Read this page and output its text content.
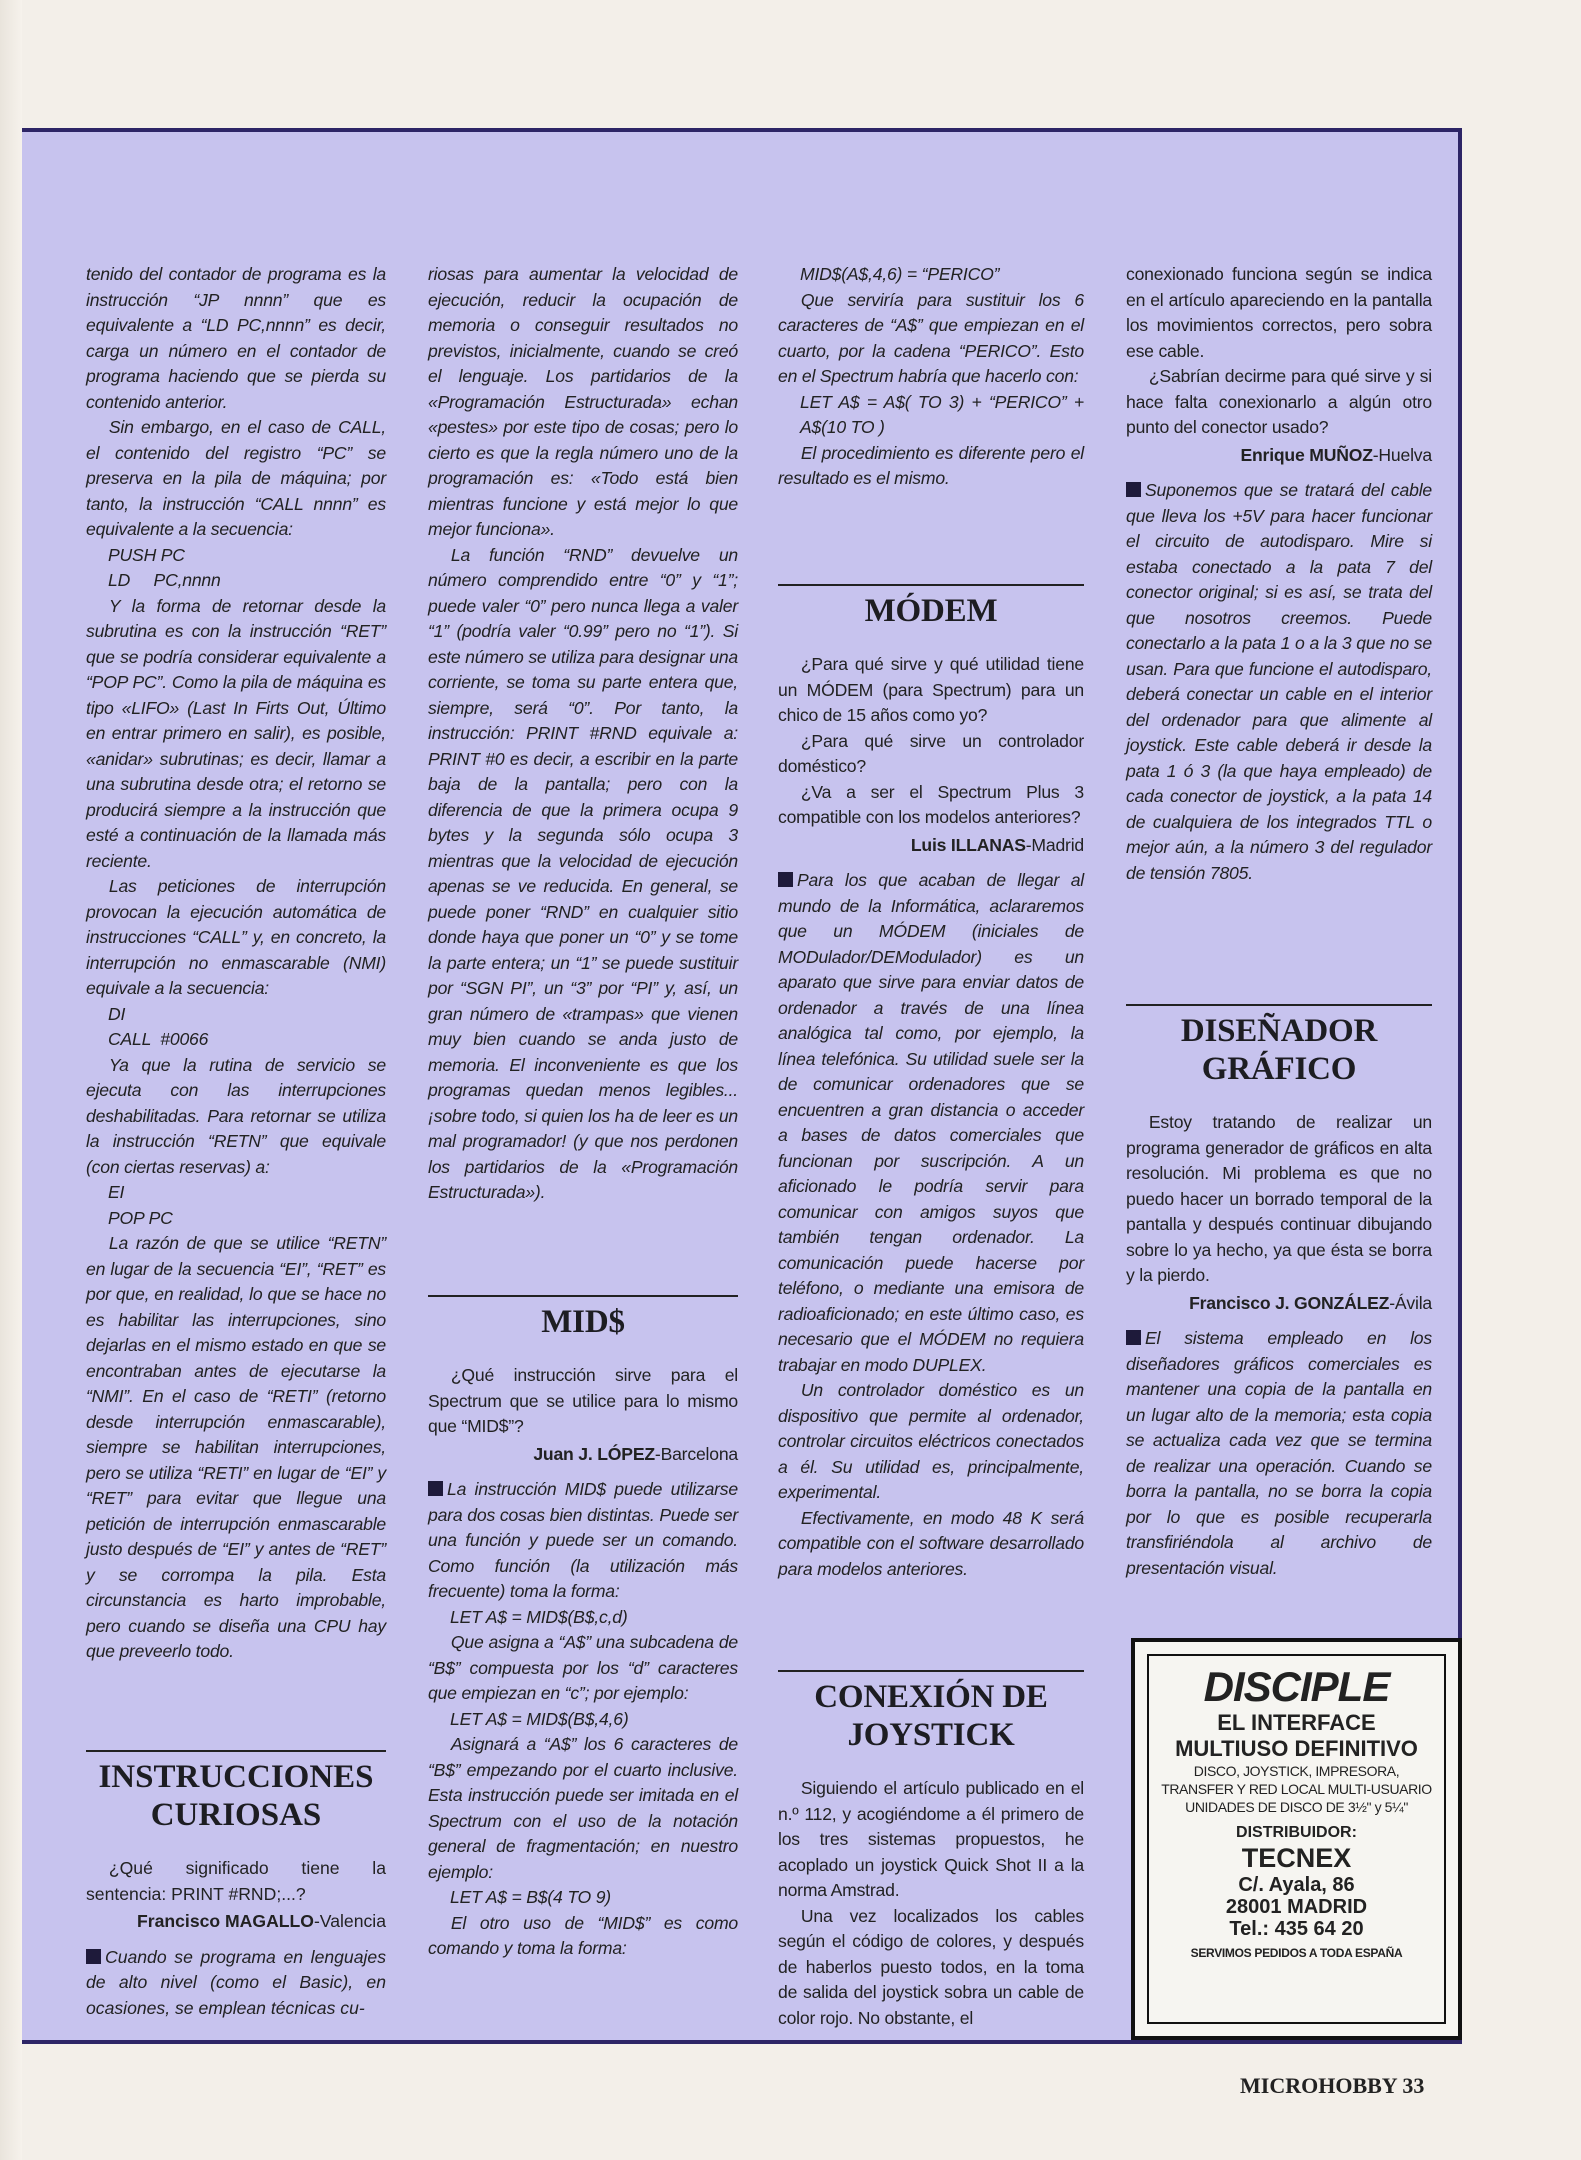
tenido del contador de programa es la instrucción “JP nnnn” que es equivalente a “LD PC,nnnn” es decir, carga un número en el contador de programa haciendo que se pierda su contenido anterior.

Sin embargo, en el caso de CALL, el contenido del registro “PC” se preserva en la pila de máquina; por tanto, la instrucción “CALL nnnn” es equivalente a la secuencia:

PUSH PC

LD     PC,nnnn

Y la forma de retornar desde la subrutina es con la instrucción “RET” que se podría considerar equivalente a “POP PC”. Como la pila de máquina es tipo «LIFO» (Last In Firts Out, Último en entrar primero en salir), es posible, «anidar» subrutinas; es decir, llamar a una subrutina desde otra; el retorno se producirá siempre a la instrucción que esté a continuación de la llamada más reciente.

Las peticiones de interrupción provocan la ejecución automática de instrucciones “CALL” y, en concreto, la interrupción no enmascarable (NMI) equivale a la secuencia:

DI

CALL  #0066

Ya que la rutina de servicio se ejecuta con las interrupciones deshabilitadas. Para retornar se utiliza la instrucción “RETN” que equivale (con ciertas reservas) a:

EI

POP PC

La razón de que se utilice “RETN” en lugar de la secuencia “EI”, “RET” es por que, en realidad, lo que se hace no es habilitar las interrupciones, sino dejarlas en el mismo estado en que se encontraban antes de ejecutarse la “NMI”. En el caso de “RETI” (retorno desde interrupción enmascarable), siempre se habilitan interrupciones, pero se utiliza “RETI” en lugar de “EI” y “RET” para evitar que llegue una petición de interrupción enmascarable justo después de “EI” y antes de “RET” y se corrompa la pila. Esta circunstancia es harto improbable, pero cuando se diseña una CPU hay que preveerlo todo.

INSTRUCCIONES CURIOSAS

¿Qué significado tiene la sentencia: PRINT #RND;...?

Francisco MAGALLO-Valencia

Cuando se programa en lenguajes de alto nivel (como el Basic), en ocasiones, se emplean técnicas cu-

riosas para aumentar la velocidad de ejecución, reducir la ocupación de memoria o conseguir resultados no previstos, inicialmente, cuando se creó el lenguaje. Los partidarios de la «Programación Estructurada» echan «pestes» por este tipo de cosas; pero lo cierto es que la regla número uno de la programación es: «Todo está bien mientras funcione y está mejor lo que mejor funciona».

La función “RND” devuelve un número comprendido entre “0” y “1”; puede valer “0” pero nunca llega a valer “1” (podría valer “0.99” pero no “1”). Si este número se utiliza para designar una corriente, se toma su parte entera que, siempre, será “0”. Por tanto, la instrucción: PRINT #RND equivale a: PRINT #0 es decir, a escribir en la parte baja de la pantalla; pero con la diferencia de que la primera ocupa 9 bytes y la segunda sólo ocupa 3 mientras que la velocidad de ejecución apenas se ve reducida. En general, se puede poner “RND” en cualquier sitio donde haya que poner un “0” y se tome la parte entera; un “1” se puede sustituir por “SGN PI”, un “3” por “PI” y, así, un gran número de «trampas» que vienen muy bien cuando se anda justo de memoria. El inconveniente es que los programas quedan menos legibles... ¡sobre todo, si quien los ha de leer es un mal programador! (y que nos perdonen los partidarios de la «Programación Estructurada»).

MID$

¿Qué instrucción sirve para el Spectrum que se utilice para lo mismo que “MID$”?

Juan J. LÓPEZ-Barcelona

La instrucción MID$ puede utilizarse para dos cosas bien distintas. Puede ser una función y puede ser un comando. Como función (la utilización más frecuente) toma la forma:

LET A$ = MID$(B$,c,d)

Que asigna a “A$” una subcadena de “B$” compuesta por los “d” caracteres que empiezan en “c”; por ejemplo:

LET A$ = MID$(B$,4,6)

Asignará a “A$” los 6 caracteres de “B$” empezando por el cuarto inclusive. Esta instrucción puede ser imitada en el Spectrum con el uso de la notación general de fragmentación; en nuestro ejemplo:

LET A$ = B$(4 TO 9)

El otro uso de “MID$” es como comando y toma la forma:

MID$(A$,4,6) = “PERICO”

Que serviría para sustituir los 6 caracteres de “A$” que empiezan en el cuarto, por la cadena “PERICO”. Esto en el Spectrum habría que hacerlo con:

LET A$ = A$( TO 3) + “PERICO” + A$(10 TO )

El procedimiento es diferente pero el resultado es el mismo.

MÓDEM

¿Para qué sirve y qué utilidad tiene un MÓDEM (para Spectrum) para un chico de 15 años como yo?

¿Para qué sirve un controlador doméstico?

¿Va a ser el Spectrum Plus 3 compatible con los modelos anteriores?

Luis ILLANAS-Madrid

Para los que acaban de llegar al mundo de la Informática, aclararemos que un MÓDEM (iniciales de MODulador/DEModulador) es un aparato que sirve para enviar datos de ordenador a través de una línea analógica tal como, por ejemplo, la línea telefónica. Su utilidad suele ser la de comunicar ordenadores que se encuentren a gran distancia o acceder a bases de datos comerciales que funcionan por suscripción. A un aficionado le podría servir para comunicar con amigos suyos que también tengan ordenador. La comunicación puede hacerse por teléfono, o mediante una emisora de radioaficionado; en este último caso, es necesario que el MÓDEM no requiera trabajar en modo DUPLEX.

Un controlador doméstico es un dispositivo que permite al ordenador, controlar circuitos eléctricos conectados a él. Su utilidad es, principalmente, experimental.

Efectivamente, en modo 48 K será compatible con el software desarrollado para modelos anteriores.

CONEXIÓN DE JOYSTICK

Siguiendo el artículo publicado en el n.º 112, y acogiéndome a él primero de los tres sistemas propuestos, he acoplado un joystick Quick Shot II a la norma Amstrad.

Una vez localizados los cables según el código de colores, y después de haberlos puesto todos, en la toma de salida del joystick sobra un cable de color rojo. No obstante, el

conexionado funciona según se indica en el artículo apareciendo en la pantalla los movimientos correctos, pero sobra ese cable.

¿Sabrían decirme para qué sirve y si hace falta conexionarlo a algún otro punto del conector usado?

Enrique MUÑOZ-Huelva

Suponemos que se tratará del cable que lleva los +5V para hacer funcionar el circuito de autodisparo. Mire si estaba conectado a la pata 7 del conector original; si es así, se trata del que nosotros creemos. Puede conectarlo a la pata 1 o a la 3 que no se usan. Para que funcione el autodisparo, deberá conectar un cable en el interior del ordenador para que alimente al joystick. Este cable deberá ir desde la pata 1 ó 3 (la que haya empleado) de cada conector de joystick, a la pata 14 de cualquiera de los integrados TTL o mejor aún, a la número 3 del regulador de tensión 7805.

DISEÑADOR GRÁFICO

Estoy tratando de realizar un programa generador de gráficos en alta resolución. Mi problema es que no puedo hacer un borrado temporal de la pantalla y después continuar dibujando sobre lo ya hecho, ya que ésta se borra y la pierdo.

Francisco J. GONZÁLEZ-Ávila

El sistema empleado en los diseñadores gráficos comerciales es mantener una copia de la pantalla en un lugar alto de la memoria; esta copia se actualiza cada vez que se termina de realizar una operación. Cuando se borra la pantalla, no se borra la copia por lo que es posible recuperarla transfiriéndola al archivo de presentación visual.

DISCIPLE
EL INTERFACE
MULTIUSO DEFINITIVO
DISCO, JOYSTICK, IMPRESORA,
TRANSFER Y RED LOCAL MULTI-USUARIO
UNIDADES DE DISCO DE 3½" y 5¼"
DISTRIBUIDOR:
TECNEX
C/. Ayala, 86
28001 MADRID
Tel.: 435 64 20
SERVIMOS PEDIDOS A TODA ESPAÑA
MICROHOBBY 33
